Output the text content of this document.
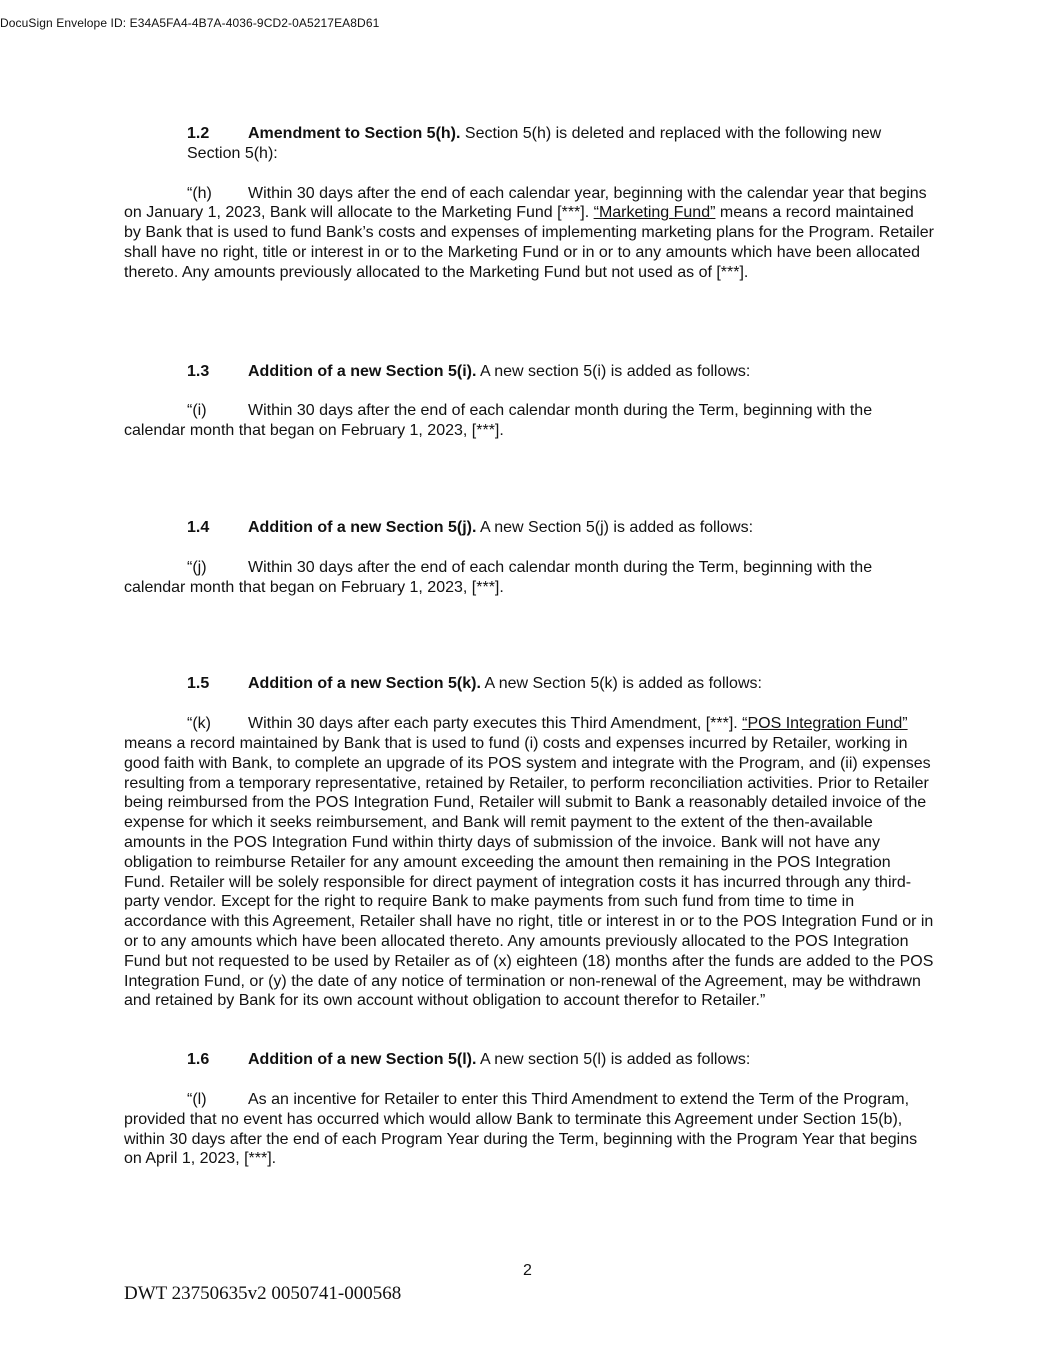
DocuSign Envelope ID: E34A5FA4-4B7A-4036-9CD2-0A5217EA8D61

1.2 Amendment to Section 5(h). Section 5(h) is deleted and replaced with the following new Section 5(h):

“(h) Within 30 days after the end of each calendar year, beginning with the calendar year that begins on January 1, 2023, Bank will allocate to the Marketing Fund [***]. “Marketing Fund” means a record maintained by Bank that is used to fund Bank’s costs and expenses of implementing marketing plans for the Program. Retailer shall have no right, title or interest in or to the Marketing Fund or in or to any amounts which have been allocated thereto. Any amounts previously allocated to the Marketing Fund but not used as of [***].

1.3 Addition of a new Section 5(i). A new section 5(i) is added as follows:

“(i)	Within 30 days after the end of each calendar month during the Term, beginning with the calendar month that began on February 1, 2023, [***].

1.4 Addition of a new Section 5(j). A new Section 5(j) is added as follows:

“(j)	Within 30 days after the end of each calendar month during the Term, beginning with the calendar month that began on February 1, 2023, [***].

1.5 Addition of a new Section 5(k). A new Section 5(k) is added as follows:

“(k) Within 30 days after each party executes this Third Amendment, [***]. “POS Integration Fund” means a record maintained by Bank that is used to fund (i) costs and expenses incurred by Retailer, working in good faith with Bank, to complete an upgrade of its POS system and integrate with the Program, and (ii) expenses resulting from a temporary representative, retained by Retailer, to perform reconciliation activities. Prior to Retailer being reimbursed from the POS Integration Fund, Retailer will submit to Bank a reasonably detailed invoice of the expense for which it seeks reimbursement, and Bank will remit payment to the extent of the then-available amounts in the POS Integration Fund within thirty days of submission of the invoice. Bank will not have any obligation to reimburse Retailer for any amount exceeding the amount then remaining in the POS Integration Fund. Retailer will be solely responsible for direct payment of integration costs it has incurred through any third-party vendor. Except for the right to require Bank to make payments from such fund from time to time in accordance with this Agreement, Retailer shall have no right, title or interest in or to the POS Integration Fund or in or to any amounts which have been allocated thereto. Any amounts previously allocated to the POS Integration Fund but not requested to be used by Retailer as of (x) eighteen (18) months after the funds are added to the POS Integration Fund, or (y) the date of any notice of termination or non-renewal of the Agreement, may be withdrawn and retained by Bank for its own account without obligation to account therefor to Retailer.”

1.6 Addition of a new Section 5(l). A new section 5(l) is added as follows:

“(l)	As an incentive for Retailer to enter this Third Amendment to extend the Term of the Program, provided that no event has occurred which would allow Bank to terminate this Agreement under Section 15(b), within 30 days after the end of each Program Year during the Term, beginning with the Program Year that begins on April 1, 2023, [***].

2
DWT 23750635v2 0050741-000568
